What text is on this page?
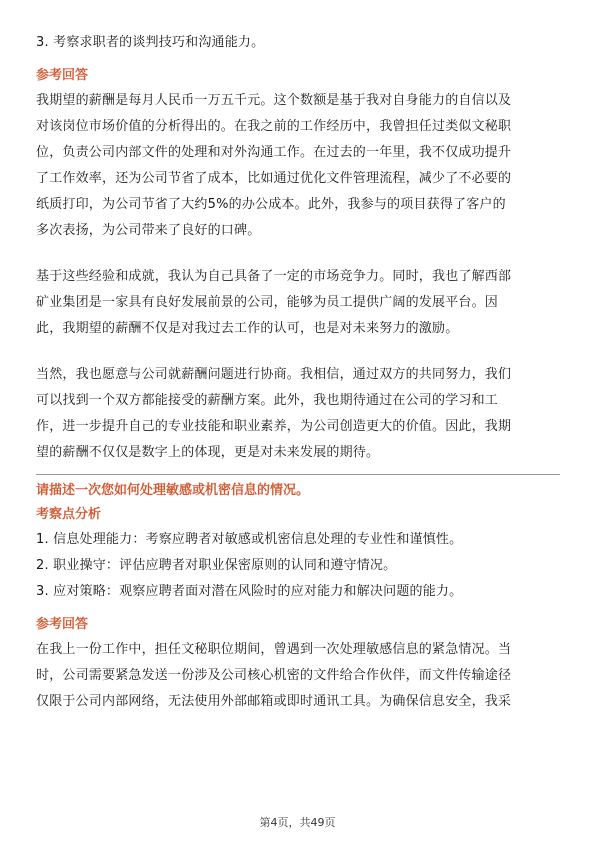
3. 考察求职者的谈判技巧和沟通能力。
参考回答
我期望的薪酬是每月人民币一万五千元。这个数额是基于我对自身能力的自信以及
对该岗位市场价值的分析得出的。在我之前的工作经历中，我曾担任过类似文秘职
位，负责公司内部文件的处理和对外沟通工作。在过去的一年里，我不仅成功提升
了工作效率，还为公司节省了成本，比如通过优化文件管理流程，减少了不必要的
纸质打印，为公司节省了大约5%的办公成本。此外，我参与的项目获得了客户的
多次表扬，为公司带来了良好的口碑。
基于这些经验和成就，我认为自己具备了一定的市场竞争力。同时，我也了解西部
矿业集团是一家具有良好发展前景的公司，能够为员工提供广阔的发展平台。因
此，我期望的薪酬不仅是对我过去工作的认可，也是对未来努力的激励。
当然，我也愿意与公司就薪酬问题进行协商。我相信，通过双方的共同努力，我们
可以找到一个双方都能接受的薪酬方案。此外，我也期待通过在公司的学习和工
作，进一步提升自己的专业技能和职业素养，为公司创造更大的价值。因此，我期
望的薪酬不仅仅是数字上的体现，更是对未来发展的期待。
请描述一次您如何处理敏感或机密信息的情况。
考察点分析
1. 信息处理能力：考察应聘者对敏感或机密信息处理的专业性和谨慎性。
2. 职业操守：评估应聘者对职业保密原则的认同和遵守情况。
3. 应对策略：观察应聘者面对潜在风险时的应对能力和解决问题的能力。
参考回答
在我上一份工作中，担任文秘职位期间，曾遇到一次处理敏感信息的紧急情况。当
时，公司需要紧急发送一份涉及公司核心机密的文件给合作伙伴，而文件传输途径
仅限于公司内部网络，无法使用外部邮箱或即时通讯工具。为确保信息安全，我采
第4页，共49页
